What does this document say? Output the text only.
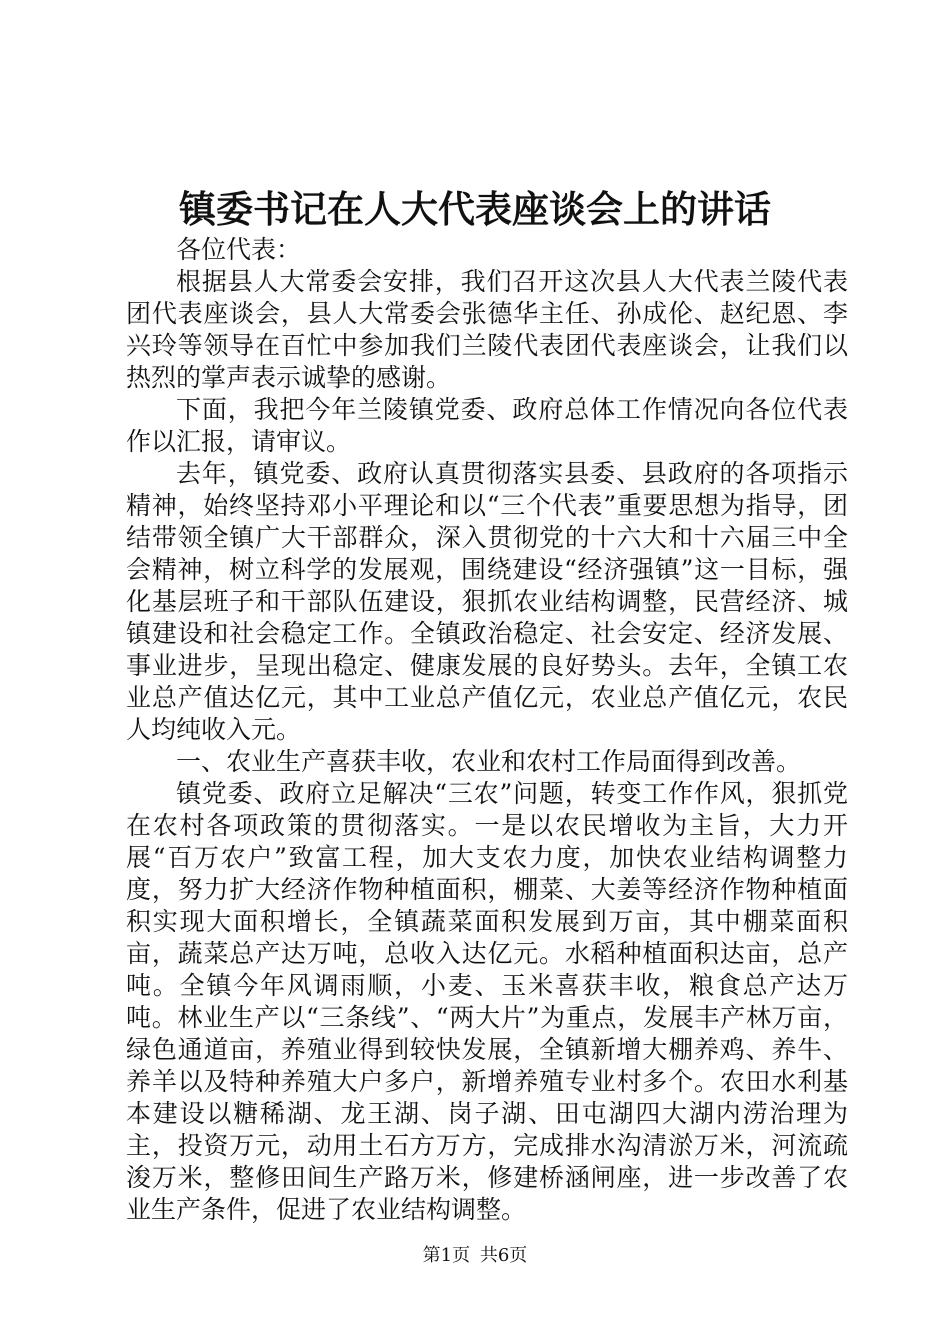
镇委书记在人大代表座谈会上的讲话

各位代表：

根据县人大常委会安排，我们召开这次县人大代表兰陵代表团代表座谈会，县人大常委会张德华主任、孙成伦、赵纪恩、李兴玲等领导在百忙中参加我们兰陵代表团代表座谈会，让我们以热烈的掌声表示诚挚的感谢。

下面，我把今年兰陵镇党委、政府总体工作情况向各位代表作以汇报，请审议。

去年，镇党委、政府认真贯彻落实县委、县政府的各项指示精神，始终坚持邓小平理论和以“三个代表”重要思想为指导，团结带领全镇广大干部群众，深入贯彻党的十六大和十六届三中全会精神，树立科学的发展观，围绕建设“经济强镇”这一目标，强化基层班子和干部队伍建设，狠抓农业结构调整，民营经济、城镇建设和社会稳定工作。全镇政治稳定、社会安定、经济发展、事业进步，呈现出稳定、健康发展的良好势头。去年，全镇工农业总产值达亿元，其中工业总产值亿元，农业总产值亿元，农民人均纯收入元。

一、农业生产喜获丰收，农业和农村工作局面得到改善。

镇党委、政府立足解决“三农”问题，转变工作作风，狠抓党在农村各项政策的贯彻落实。一是以农民增收为主旨，大力开展“百万农户”致富工程，加大支农力度，加快农业结构调整力度，努力扩大经济作物种植面积，棚菜、大姜等经济作物种植面积实现大面积增长，全镇蔬菜面积发展到万亩，其中棚菜面积亩，蔬菜总产达万吨，总收入达亿元。水稻种植面积达亩，总产吨。全镇今年风调雨顺，小麦、玉米喜获丰收，粮食总产达万吨。林业生产以“三条线”、“两大片”为重点，发展丰产林万亩，绿色通道亩，养殖业得到较快发展，全镇新增大棚养鸡、养牛、养羊以及特种养殖大户多户，新增养殖专业村多个。农田水利基本建设以糖稀湖、龙王湖、岗子湖、田屯湖四大湖内涝治理为主，投资万元，动用土石方万方，完成排水沟清淤万米，河流疏浚万米，整修田间生产路万米，修建桥涵闸座，进一步改善了农业生产条件，促进了农业结构调整。

第1页 共6页
